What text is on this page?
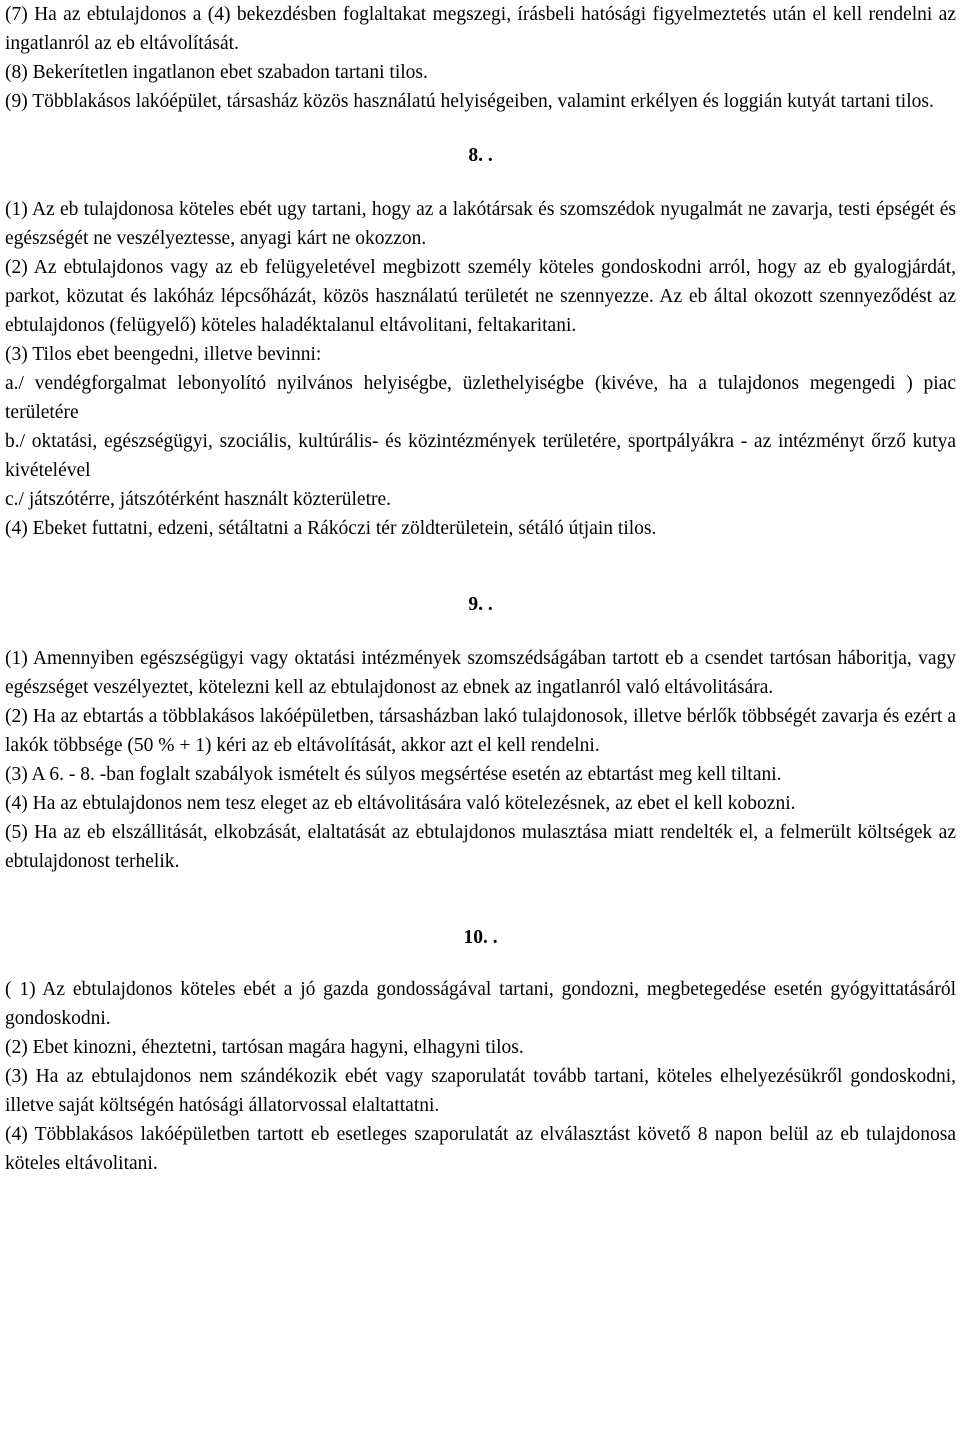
(7) Ha az ebtulajdonos a (4) bekezdésben foglaltakat megszegi, írásbeli hatósági figyelmeztetés után el kell rendelni az ingatlanról az eb eltávolítását.

(8) Bekerítetlen ingatlanon ebet szabadon tartani tilos.

(9) Többlakásos lakóépület, társasház közös használatú helyiségeiben, valamint erkélyen és loggián kutyát tartani tilos.

8. .

(1) Az eb tulajdonosa köteles ebét ugy tartani, hogy az a lakótársak és szomszédok nyugalmát ne zavarja, testi épségét és egészségét ne veszélyeztesse, anyagi kárt ne okozzon.

(2) Az ebtulajdonos vagy az eb felügyeletével megbizott személy köteles gondoskodni arról, hogy az eb gyalogjárdát, parkot, közutat és lakóház lépcsőházát, közös használatú területét ne szennyezze. Az eb által okozott szennyeződést az ebtulajdonos (felügyelő) köteles haladéktalanul eltávolitani, feltakaritani.

(3) Tilos ebet beengedni, illetve bevinni:

a./ vendégforgalmat lebonyolító nyilvános helyiségbe, üzlethelyiségbe (kivéve, ha a tulajdonos megengedi ) piac területére

b./ oktatási, egészségügyi, szociális, kultúrális- és közintézmények területére, sportpályákra - az intézményt őrző kutya kivételével

c./ játszótérre, játszótérként használt közterületre.

(4) Ebeket futtatni, edzeni, sétáltatni a Rákóczi tér zöldterületein, sétáló útjain tilos.

9. .

(1) Amennyiben egészségügyi vagy oktatási intézmények szomszédságában tartott eb a csendet tartósan háboritja, vagy egészséget veszélyeztet, kötelezni kell az ebtulajdonost az ebnek az ingatlanról való eltávolitására.

(2) Ha az ebtartás a többlakásos lakóépületben, társasházban lakó tulajdonosok, illetve bérlők többségét zavarja és ezért a lakók többsége (50 % + 1) kéri az eb eltávolítását, akkor azt el kell rendelni.

(3) A 6. - 8. -ban foglalt szabályok ismételt és súlyos megsértése esetén az ebtartást meg kell tiltani.

(4) Ha az ebtulajdonos nem tesz eleget az eb eltávolitására való kötelezésnek, az ebet el kell kobozni.

(5) Ha az eb elszállitását, elkobzását, elaltatását az ebtulajdonos mulasztása miatt rendelték el, a felmerült költségek az ebtulajdonost terhelik.

10. .

( 1) Az ebtulajdonos köteles ebét a jó gazda gondosságával tartani, gondozni, megbetegedése esetén gyógyittatásáról gondoskodni.

(2) Ebet kinozni, éheztetni, tartósan magára hagyni, elhagyni tilos.

(3) Ha az ebtulajdonos nem szándékozik ebét vagy szaporulatát tovább tartani, köteles elhelyezésükről gondoskodni, illetve saját költségén hatósági állatorvossal elaltattatni.

(4) Többlakásos lakóépületben tartott eb esetleges szaporulatát az elválasztást követő 8 napon belül az eb tulajdonosa köteles eltávolitani.
